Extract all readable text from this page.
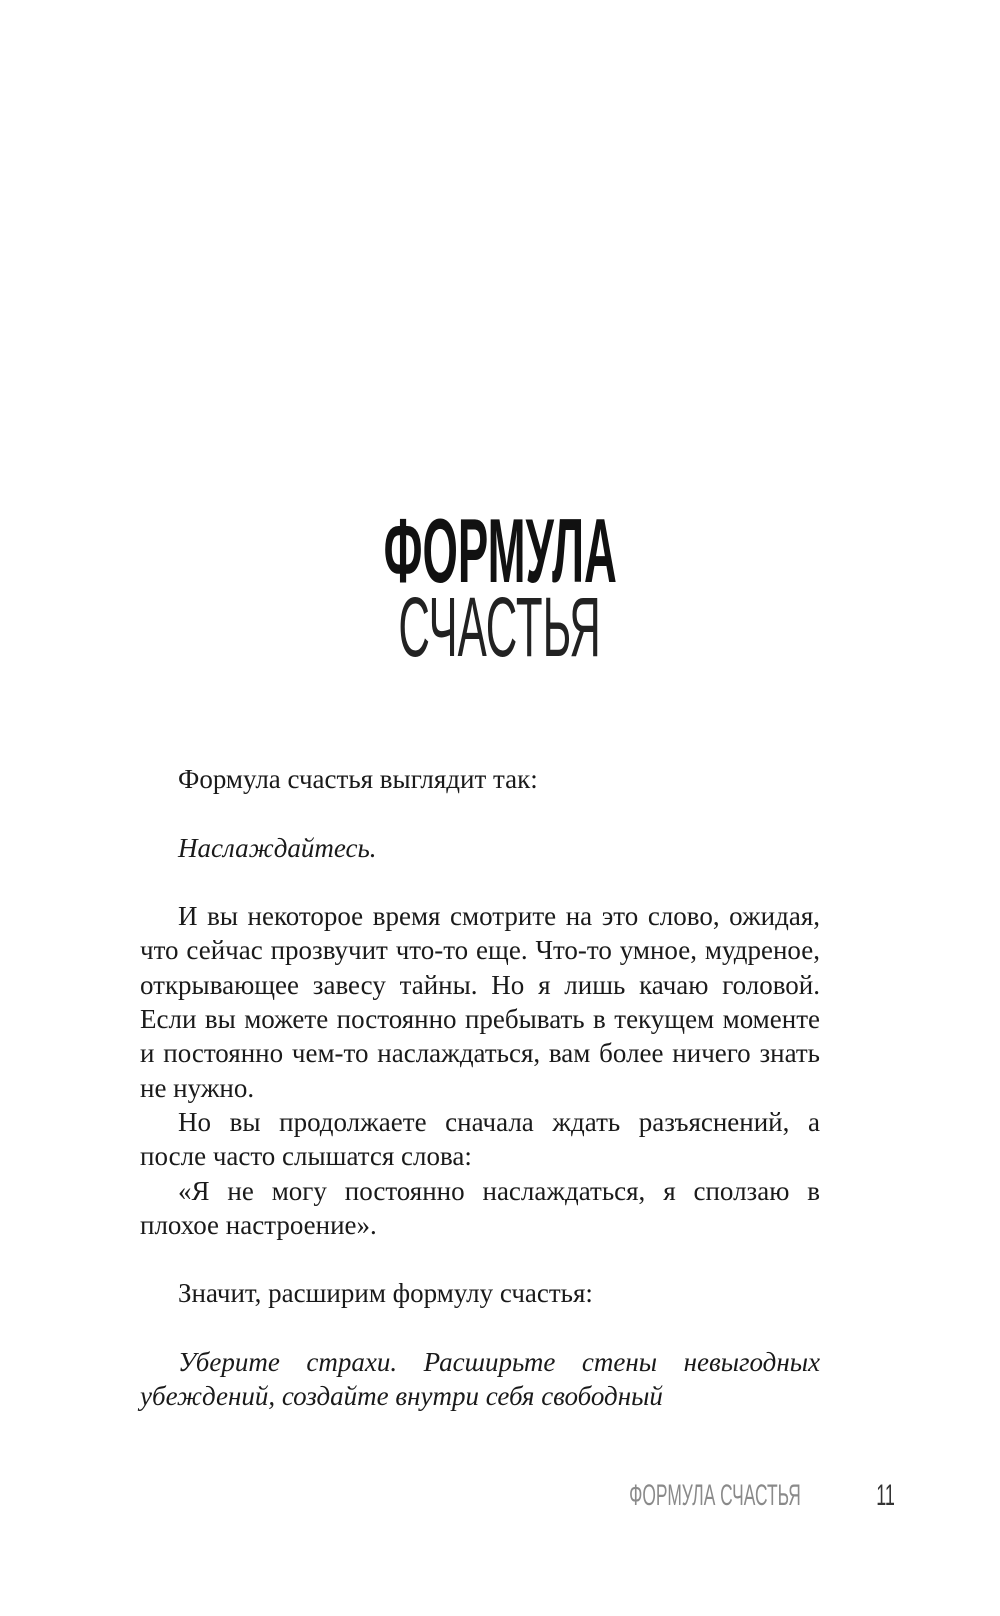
ФОРМУЛА
СЧАСТЬЯ

Формула счастья выглядит так:

Наслаждайтесь.

И вы некоторое время смотрите на это слово, ожидая, что сейчас прозвучит что-то еще. Что-то умное, мудреное, открывающее завесу тайны. Но я лишь качаю головой. Если вы можете постоянно пребывать в текущем моменте и постоянно чем-то наслаждаться, вам более ничего знать не нужно.

Но вы продолжаете сначала ждать разъяснений, а после часто слышатся слова:

«Я не могу постоянно наслаждаться, я сползаю в плохое настроение».

Значит, расширим формулу счастья:

Уберите страхи. Расширьте стены невыгодных убеждений, создайте внутри себя свободный

ФОРМУЛА СЧАСТЬЯ	11
